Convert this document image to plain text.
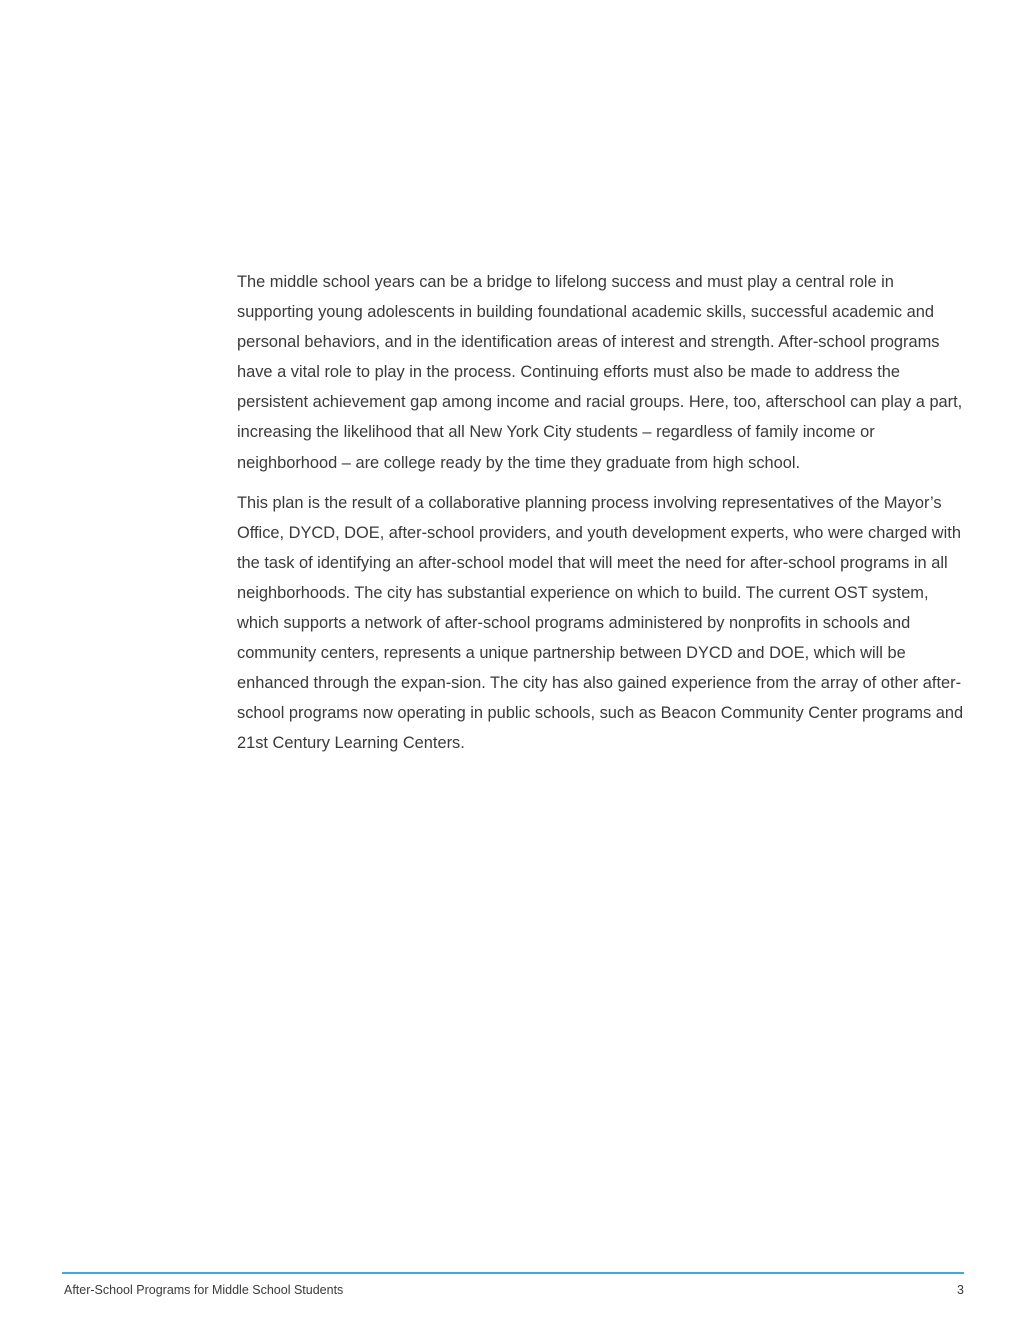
The middle school years can be a bridge to lifelong success and must play a central role in supporting young adolescents in building foundational academic skills, successful academic and personal behaviors, and in the identification areas of interest and strength. After-school programs have a vital role to play in the process. Continuing efforts must also be made to address the persistent achievement gap among income and racial groups. Here, too, afterschool can play a part, increasing the likelihood that all New York City students – regardless of family income or neighborhood – are college ready by the time they graduate from high school.

This plan is the result of a collaborative planning process involving representatives of the Mayor’s Office, DYCD, DOE, after-school providers, and youth development experts, who were charged with the task of identifying an after-school model that will meet the need for after-school programs in all neighborhoods. The city has substantial experience on which to build. The current OST system, which supports a network of after-school programs administered by nonprofits in schools and community centers, represents a unique partnership between DYCD and DOE, which will be enhanced through the expan-sion. The city has also gained experience from the array of other after-school programs now operating in public schools, such as Beacon Community Center programs and 21st Century Learning Centers.

After-School Programs for Middle School Students	3
